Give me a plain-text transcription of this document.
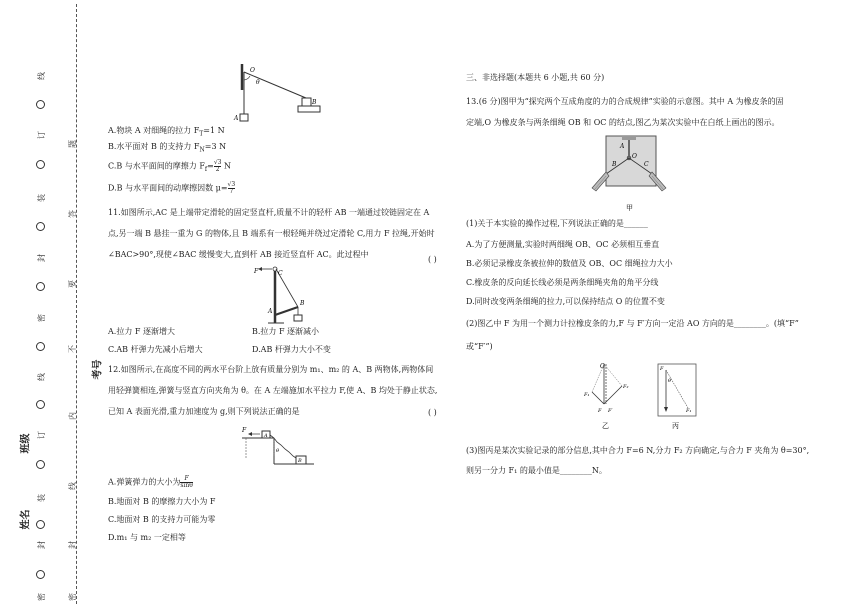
考号
班级
姓名
O
θ
A
B
A.物块 A 对细绳的拉力 $F_T=1$ N
B.水平面对 B 的支持力 $F_N=3$ N
C.B 与水平面间的摩擦力 $F_f= \frac{√3}{2}$ N
D.B 与水平面间的动摩擦因数 $\mu= \frac{√3}{7}$
11.如图所示,AC 是上端带定滑轮的固定竖直杆,质量不计的轻杆 AB 一端通过铰链固定在 A
点,另一端 B 悬挂一重为 G 的物体,且 B 端系有一根轻绳并绕过定滑轮 C,用力 F 拉绳,开始时
∠BAC>90°,现使∠BAC 缓慢变大,直到杆 AB 接近竖直杆 AC。此过程中
( )
F	C
A
B
A.拉力 F 逐渐增大	B.拉力 F 逐渐减小
C.AB 杆弹力先减小后增大	D.AB 杆弹力大小不变
12.如图所示,在高度不同的两水平台阶上放有质量分别为 m₁、m₂ 的 A、B 两物体,两物体间
用轻弹簧相连,弹簧与竖直方向夹角为 θ。在 A 左端施加水平拉力 F,使 A、B 均处于静止状态,
已知 A 表面光滑,重力加速度为 g,则下列说法正确的是	( )
F
A
θ
B
A.弹簧弹力的大小为 $\frac{F}{\sin\theta}$
B.地面对 B 的摩擦力大小为 F
C.地面对 B 的支持力可能为零
D.m₁ 与 m₂ 一定相等
三、非选择题(本题共 6 小题,共 60 分)
13.(6 分)图甲为“探究两个互成角度的力的合成规律”实验的示意图。其中 A 为橡皮条的固
定端,O 为橡皮条与两条细绳 OB 和 OC 的结点,图乙为某次实验中在白纸上画出的图示。
A
O
B	C
甲
(1)关于本实验的操作过程,下列说法正确的是______
A.为了方便测量,实验时两细绳 OB、OC 必须相互垂直
B.必须记录橡皮条被拉伸的数值及 OB、OC 细绳拉力大小
C.橡皮条的反向延长线必须是两条细绳夹角的角平分线
D.同时改变两条细绳的拉力,可以保持结点 O 的位置不变
(2)图乙中 F 为用一个测力计拉橡皮条的力,F 与 F′方向一定沿 AO 方向的是________。(填“F”
或“F′”)
O
F₁
F₂
F F′
乙
F
θ
F₁
丙
(3)图丙是某次实验记录的部分信息,其中合力 F=6 N,分力 F₂ 方向确定,与合力 F 夹角为 θ=30°,
则另一分力 F₁ 的最小值是________N。
线
订
装
封
密
线
订
装
封
密
题
答
要
不
内
线
封
密
